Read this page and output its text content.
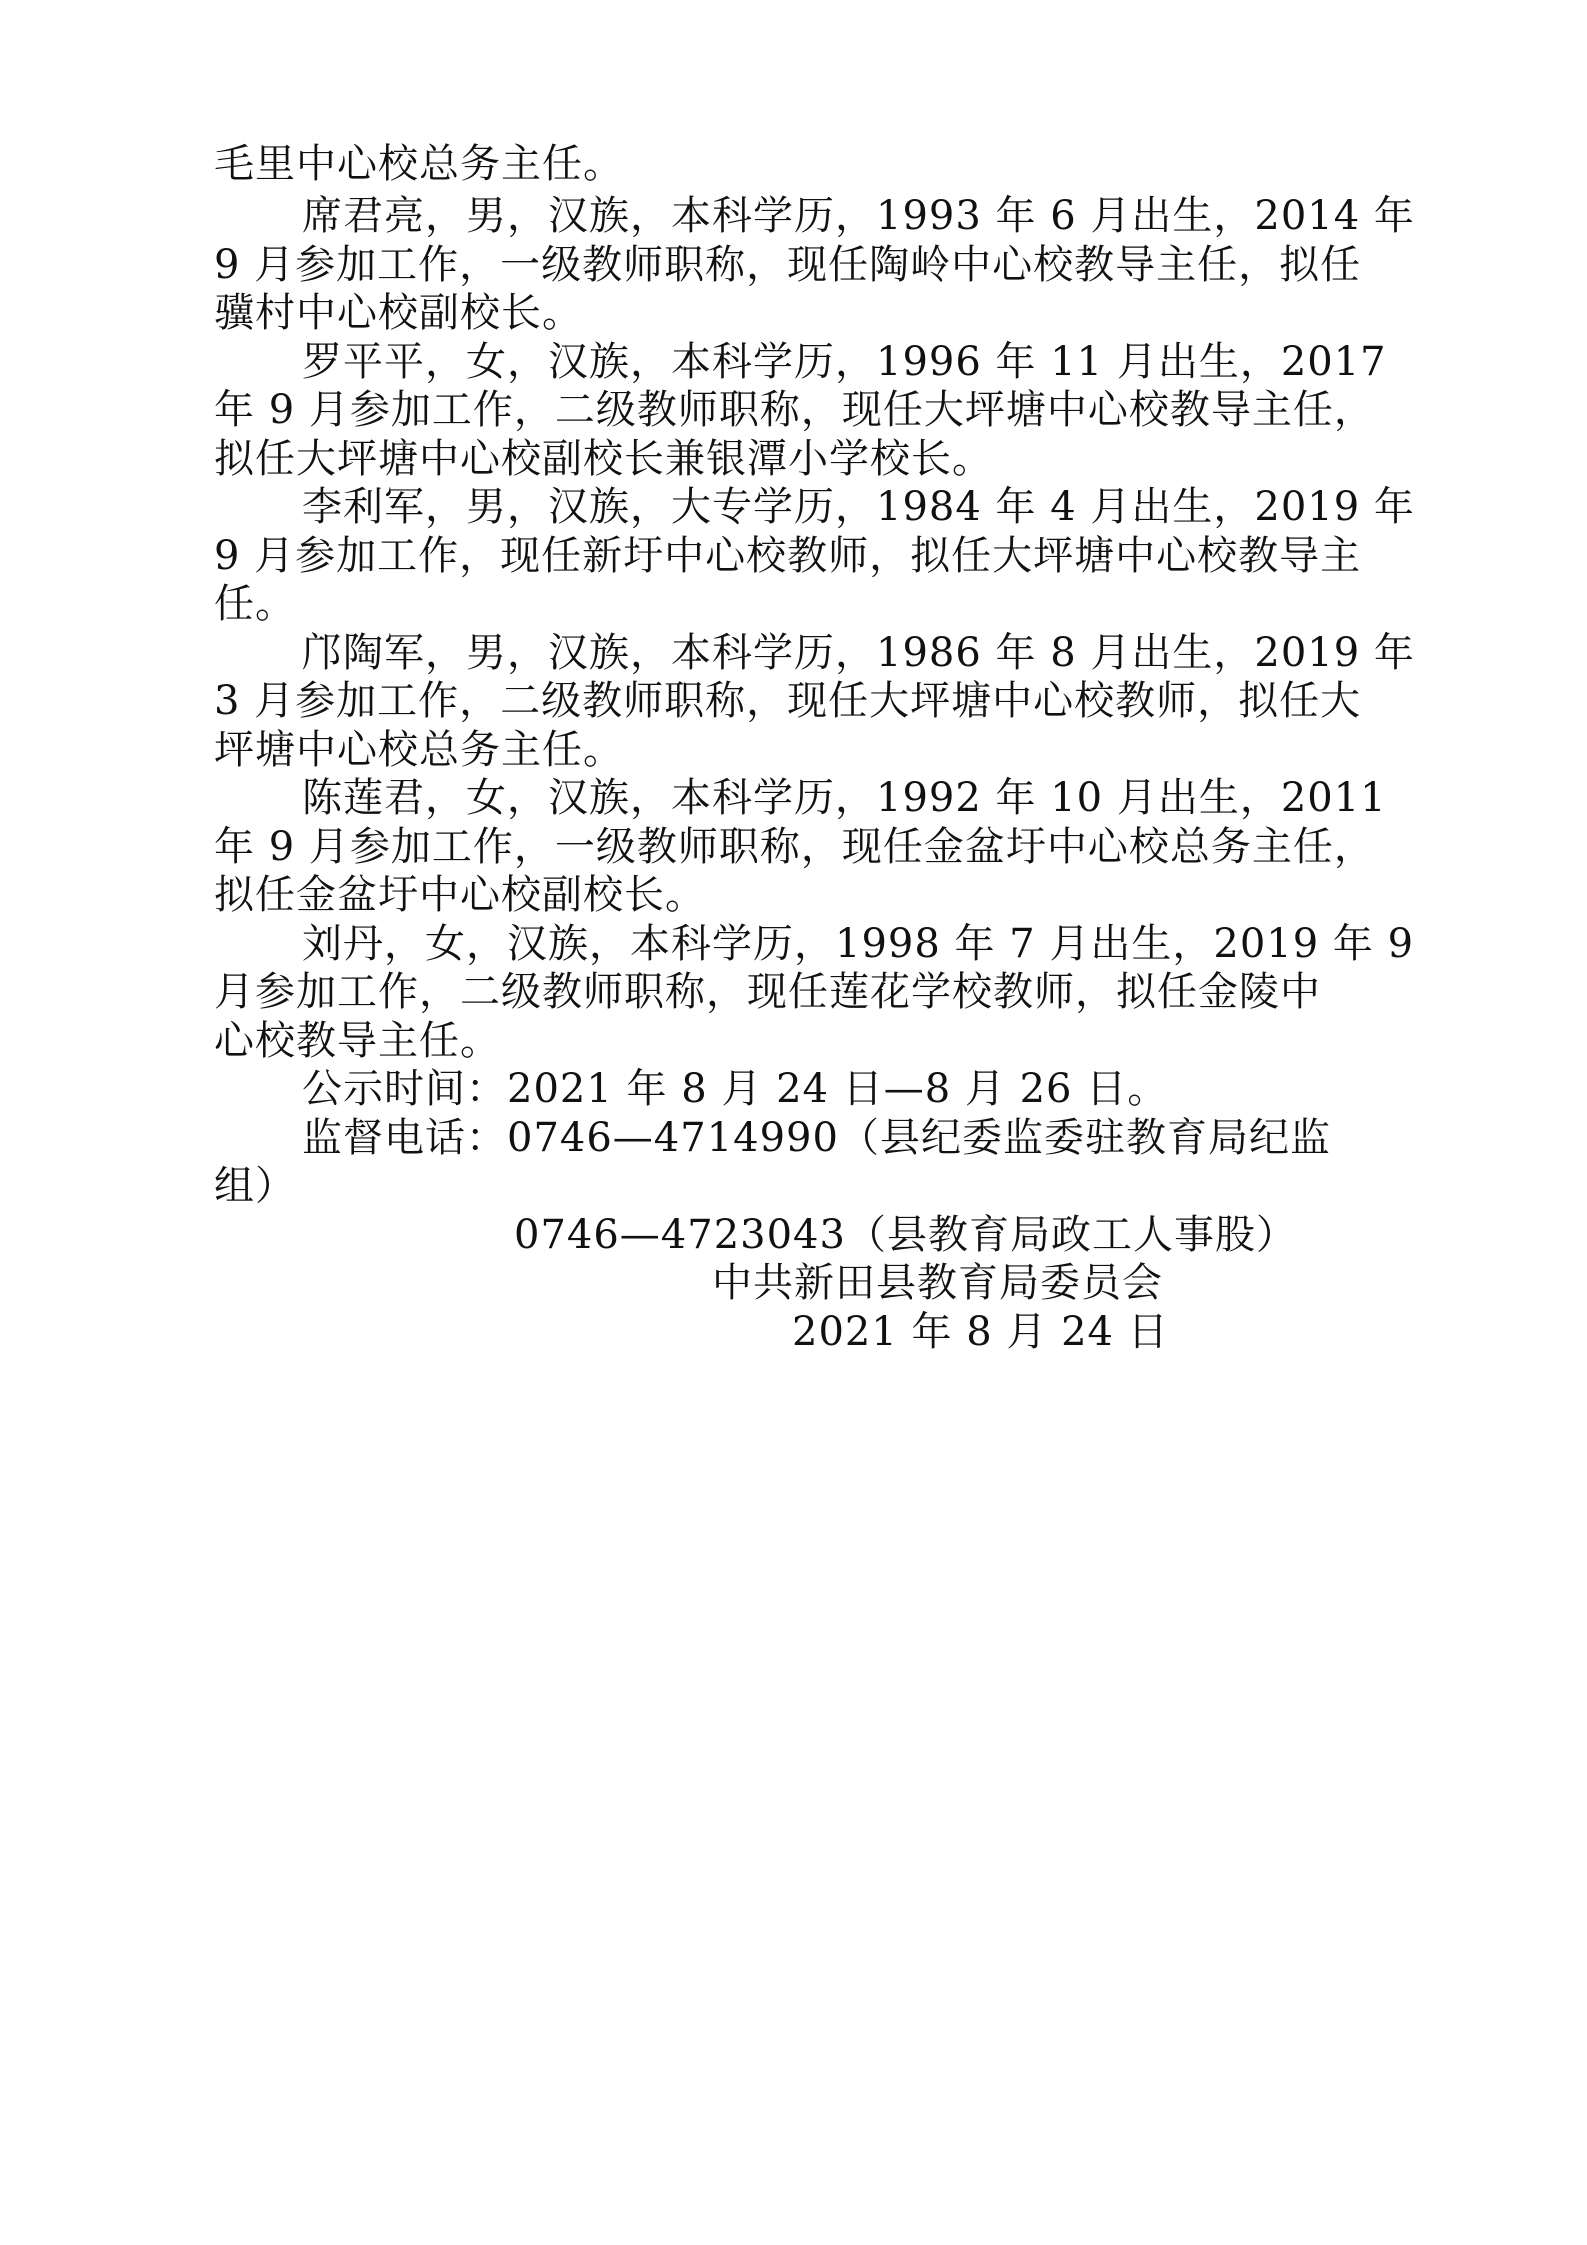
毛里中心校总务主任。
席君亮，男，汉族，本科学历，1993 年 6 月出生，2014 年
9 月参加工作，一级教师职称，现任陶岭中心校教导主任，拟任
骥村中心校副校长。
罗平平，女，汉族，本科学历，1996 年 11 月出生，2017
年 9 月参加工作，二级教师职称，现任大坪塘中心校教导主任，
拟任大坪塘中心校副校长兼银潭小学校长。
李利军，男，汉族，大专学历，1984 年 4 月出生，2019 年
9 月参加工作，现任新圩中心校教师，拟任大坪塘中心校教导主
任。
邝陶军，男，汉族，本科学历，1986 年 8 月出生，2019 年
3 月参加工作，二级教师职称，现任大坪塘中心校教师，拟任大
坪塘中心校总务主任。
陈莲君，女，汉族，本科学历，1992 年 10 月出生，2011
年 9 月参加工作，一级教师职称，现任金盆圩中心校总务主任，
拟任金盆圩中心校副校长。
刘丹，女，汉族，本科学历，1998 年 7 月出生，2019 年 9
月参加工作，二级教师职称，现任莲花学校教师，拟任金陵中
心校教导主任。
公示时间：2021 年 8 月 24 日—8 月 26 日。
监督电话：0746—4714990（县纪委监委驻教育局纪监
组）
0746—4723043（县教育局政工人事股）
中共新田县教育局委员会
2021 年 8 月 24 日
